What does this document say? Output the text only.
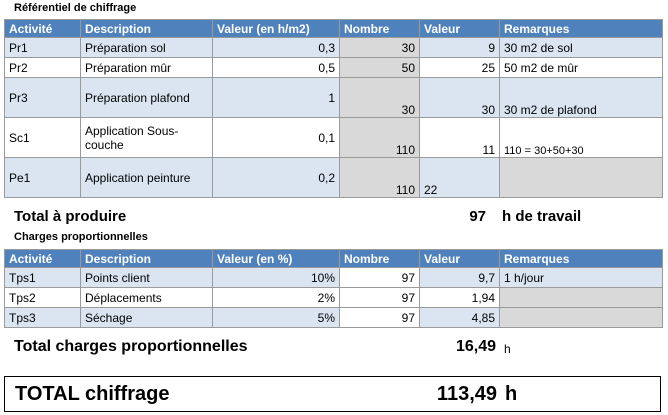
Référentiel de chiffrage
Activité	Description	Valeur (en h/m2)	Nombre	Valeur	Remarques
Pr1	Préparation sol	0,3	30	9	30 m2 de sol
Pr2	Préparation mûr	0,5	50	25	50 m2 de mûr
Pr3	Préparation plafond	1	30	30	30 m2 de plafond
Sc1	Application Sous-couche	0,1	110	11	110 = 30+50+30
Pe1	Application peinture	0,2	110	22	
Total à produire	97 h de travail
Charges proportionnelles
Activité	Description	Valeur (en %)	Nombre	Valeur	Remarques
Tps1	Points client	10%	97	9,7	1 h/jour
Tps2	Déplacements	2%	97	1,94	
Tps3	Séchage	5%	97	4,85	
Total charges proportionnelles	16,49 h
TOTAL chiffrage	113,49 h
